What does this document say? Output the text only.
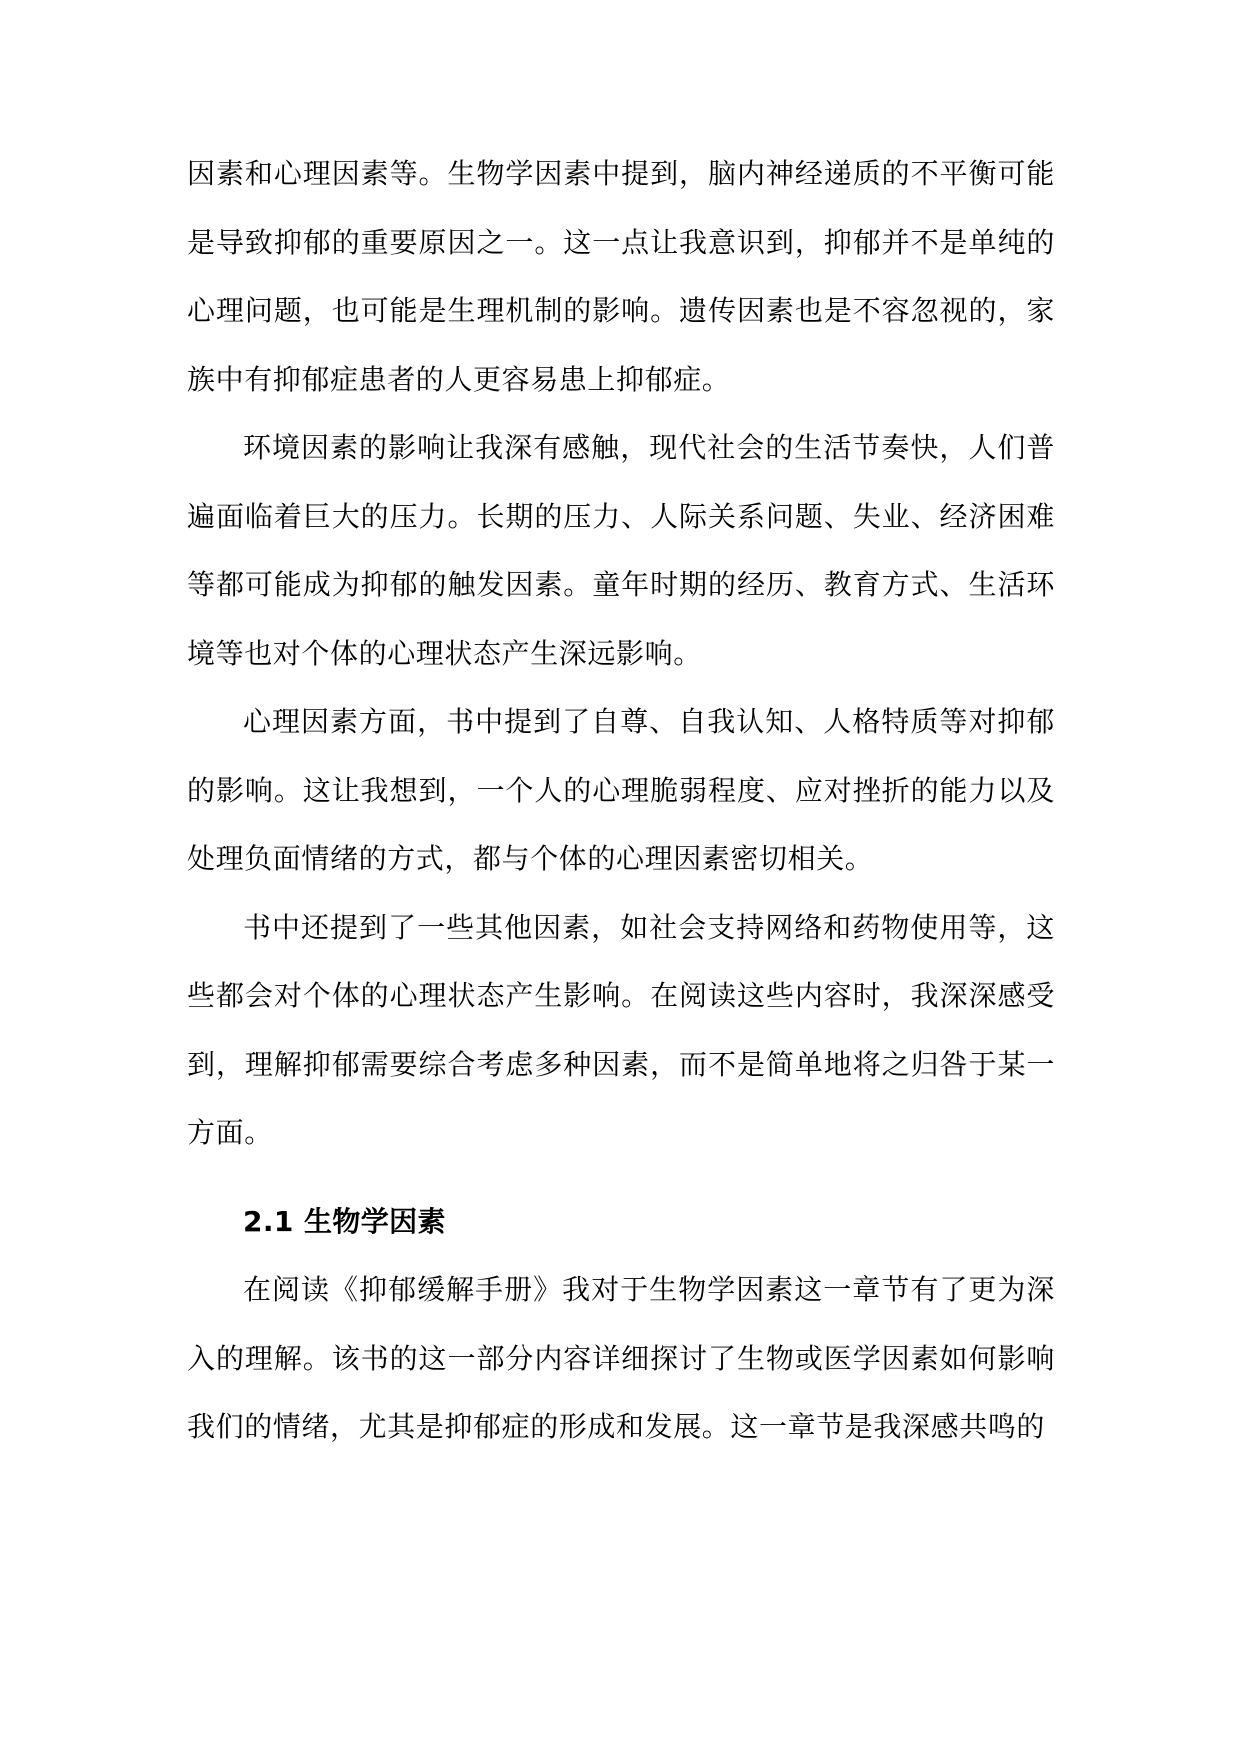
因素和心理因素等。生物学因素中提到，脑内神经递质的不平衡可能是导致抑郁的重要原因之一。这一点让我意识到，抑郁并不是单纯的心理问题，也可能是生理机制的影响。遗传因素也是不容忽视的，家族中有抑郁症患者的人更容易患上抑郁症。

环境因素的影响让我深有感触，现代社会的生活节奏快，人们普遍面临着巨大的压力。长期的压力、人际关系问题、失业、经济困难等都可能成为抑郁的触发因素。童年时期的经历、教育方式、生活环境等也对个体的心理状态产生深远影响。

心理因素方面，书中提到了自尊、自我认知、人格特质等对抑郁的影响。这让我想到，一个人的心理脆弱程度、应对挫折的能力以及处理负面情绪的方式，都与个体的心理因素密切相关。

书中还提到了一些其他因素，如社会支持网络和药物使用等，这些都会对个体的心理状态产生影响。在阅读这些内容时，我深深感受到，理解抑郁需要综合考虑多种因素，而不是简单地将之归咎于某一方面。

2.1 生物学因素

在阅读《抑郁缓解手册》我对于生物学因素这一章节有了更为深入的理解。该书的这一部分内容详细探讨了生物或医学因素如何影响我们的情绪，尤其是抑郁症的形成和发展。这一章节是我深感共鸣的
